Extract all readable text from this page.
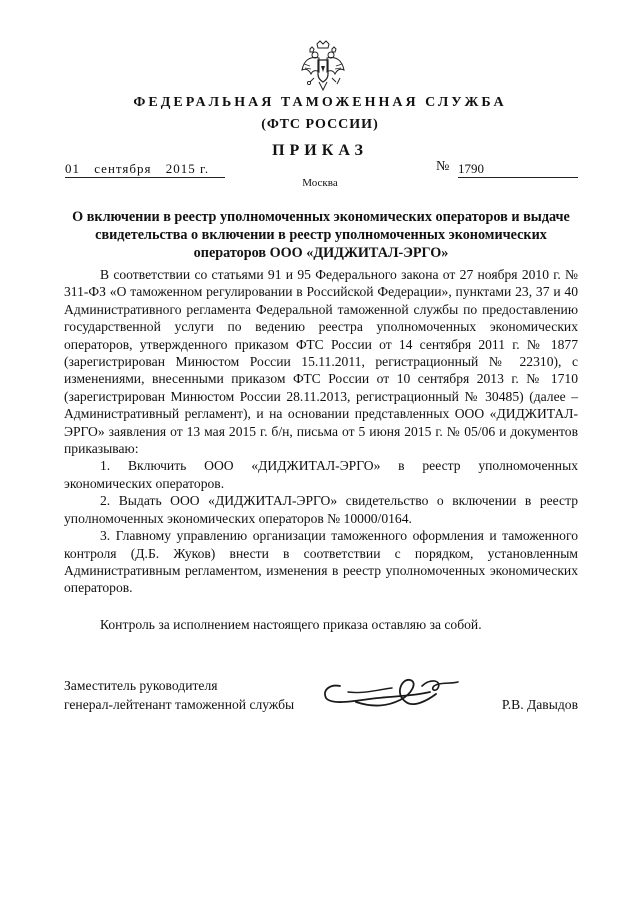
ФЕДЕРАЛЬНАЯ ТАМОЖЕННАЯ СЛУЖБА
(ФТС РОССИИ)
ПРИКАЗ
01 сентября 2015 г.	№ 1790
Москва
О включении в реестр уполномоченных экономических операторов и выдаче свидетельства о включении в реестр уполномоченных экономических операторов ООО «ДИДЖИТАЛ-ЭРГО»

В соответствии со статьями 91 и 95 Федерального закона от 27 ноября 2010 г. № 311-ФЗ «О таможенном регулировании в Российской Федерации», пунктами 23, 37 и 40 Административного регламента Федеральной таможенной службы по предоставлению государственной услуги по ведению реестра уполномоченных экономических операторов, утвержденного приказом ФТС России от 14 сентября 2011 г. № 1877 (зарегистрирован Минюстом России 15.11.2011, регистрационный № 22310), с изменениями, внесенными приказом ФТС России от 10 сентября 2013 г. № 1710 (зарегистрирован Минюстом России 28.11.2013, регистрационный № 30485) (далее – Административный регламент), и на основании представленных ООО «ДИДЖИТАЛ-ЭРГО» заявления от 13 мая 2015 г. б/н, письма от 5 июня 2015 г. № 05/06 и документов приказываю:

1. Включить ООО «ДИДЖИТАЛ-ЭРГО» в реестр уполномоченных экономических операторов.

2. Выдать ООО «ДИДЖИТАЛ-ЭРГО» свидетельство о включении в реестр уполномоченных экономических операторов № 10000/0164.

3. Главному управлению организации таможенного оформления и таможенного контроля (Д.Б. Жуков) внести в соответствии с порядком, установленным Административным регламентом, изменения в реестр уполномоченных экономических операторов.

Контроль за исполнением настоящего приказа оставляю за собой.

Заместитель руководителя
генерал-лейтенант таможенной службы	Р.В. Давыдов
